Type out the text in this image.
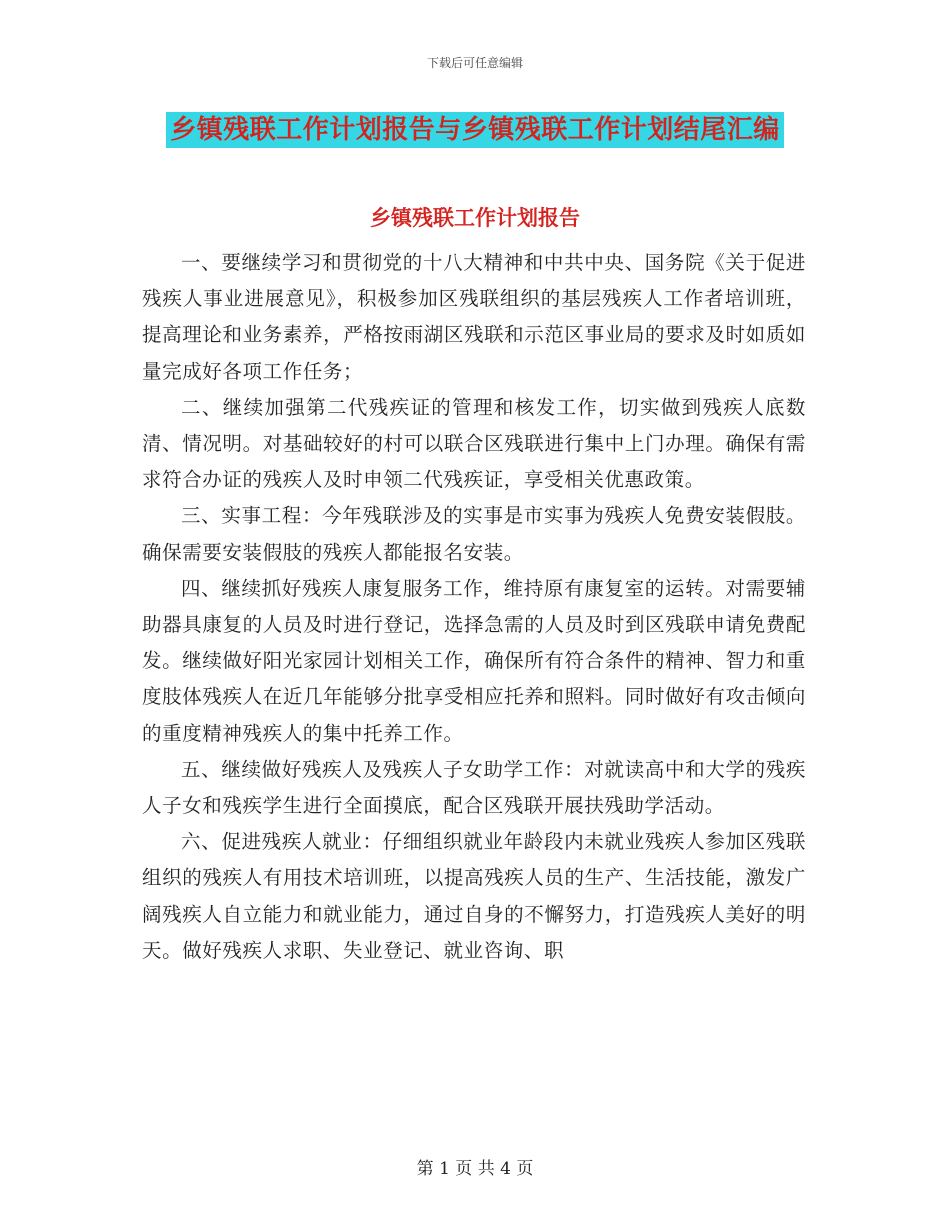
下载后可任意编辑
乡镇残联工作计划报告与乡镇残联工作计划结尾汇编
乡镇残联工作计划报告

一、要继续学习和贯彻党的十八大精神和中共中央、国务院《关于促进残疾人事业进展意见》，积极参加区残联组织的基层残疾人工作者培训班，提高理论和业务素养，严格按雨湖区残联和示范区事业局的要求及时如质如量完成好各项工作任务；

二、继续加强第二代残疾证的管理和核发工作，切实做到残疾人底数清、情况明。对基础较好的村可以联合区残联进行集中上门办理。确保有需求符合办证的残疾人及时申领二代残疾证，享受相关优惠政策。

三、实事工程：今年残联涉及的实事是市实事为残疾人免费安装假肢。确保需要安装假肢的残疾人都能报名安装。

四、继续抓好残疾人康复服务工作，维持原有康复室的运转。对需要辅助器具康复的人员及时进行登记，选择急需的人员及时到区残联申请免费配发。继续做好阳光家园计划相关工作，确保所有符合条件的精神、智力和重度肢体残疾人在近几年能够分批享受相应托养和照料。同时做好有攻击倾向的重度精神残疾人的集中托养工作。

五、继续做好残疾人及残疾人子女助学工作：对就读高中和大学的残疾人子女和残疾学生进行全面摸底，配合区残联开展扶残助学活动。

六、促进残疾人就业：仔细组织就业年龄段内未就业残疾人参加区残联组织的残疾人有用技术培训班，以提高残疾人员的生产、生活技能，激发广阔残疾人自立能力和就业能力，通过自身的不懈努力，打造残疾人美好的明天。做好残疾人求职、失业登记、就业咨询、职

第 1 页 共 4 页
